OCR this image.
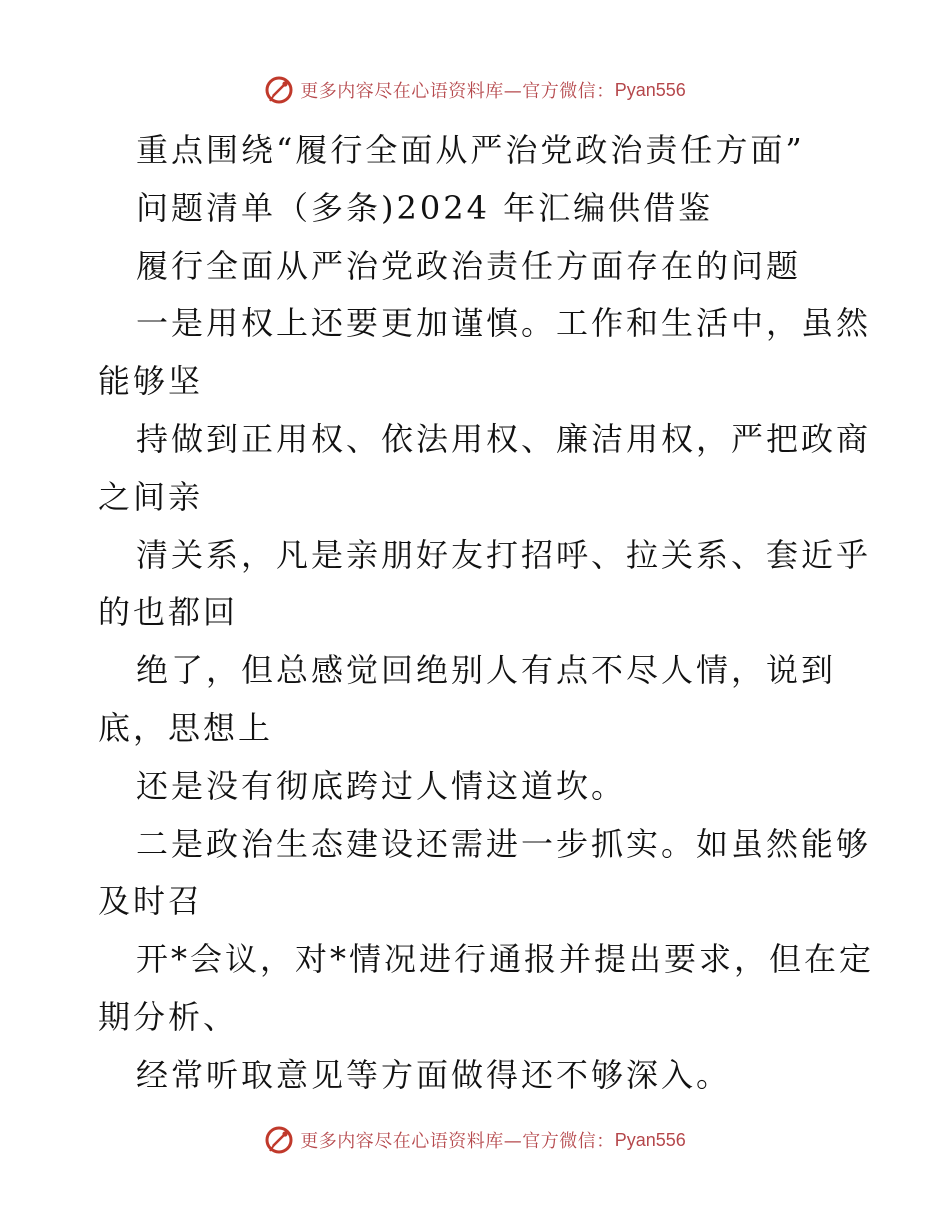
更多内容尽在心语资料库—官方微信： Pyan556
重点围绕“履行全面从严治党政治责任方面”
问题清单（多条)2024 年汇编供借鉴
履行全面从严治党政治责任方面存在的问题
一是用权上还要更加谨慎。工作和生活中，虽然
能够坚
持做到正用权、依法用权、廉洁用权，严把政商
之间亲
清关系，凡是亲朋好友打招呼、拉关系、套近乎
的也都回
绝了，但总感觉回绝别人有点不尽人情，说到
底，思想上
还是没有彻底跨过人情这道坎。
二是政治生态建设还需进一步抓实。如虽然能够
及时召
开*会议，对*情况进行通报并提出要求，但在定
期分析、
经常听取意见等方面做得还不够深入。
更多内容尽在心语资料库—官方微信： Pyan556
